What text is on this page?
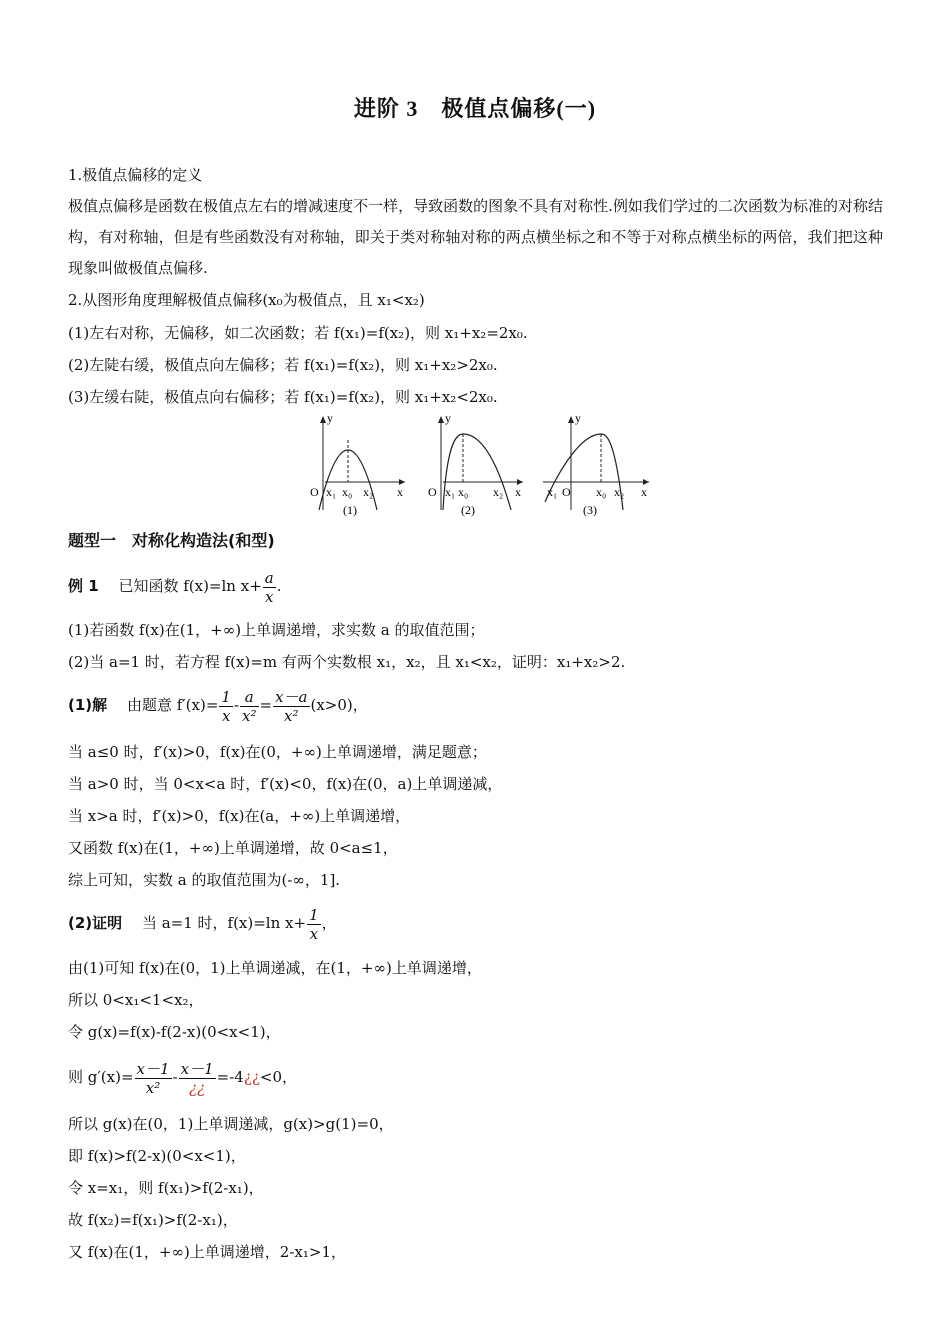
进阶 3　极值点偏移(一)
1.极值点偏移的定义
极值点偏移是函数在极值点左右的增减速度不一样，导致函数的图象不具有对称性.例如我们学过的二次函数为标准的对称结构，有对称轴，但是有些函数没有对称轴，即关于类对称轴对称的两点横坐标之和不等于对称点横坐标的两倍，我们把这种现象叫做极值点偏移.
2.从图形角度理解极值点偏移(x₀为极值点，且 x₁<x₂)
(1)左右对称，无偏移，如二次函数；若 f(x₁)=f(x₂)，则 x₁+x₂=2x₀.
(2)左陡右缓，极值点向左偏移；若 f(x₁)=f(x₂)，则 x₁+x₂>2x₀.
(3)左缓右陡，极值点向右偏移；若 f(x₁)=f(x₂)，则 x₁+x₂<2x₀.
y
x
O x₁ x₀ x₂
(1)
y
x
O x₁ x₀ x₂
(2)
y
x
O
x₁	x₀ x₂
(3)
题型一　对称化构造法(和型)
例 1　 已知函数 f(x)=ln $x+ \frac{a}{x}$ .
(1)若函数 f(x)在(1，+∞)上单调递增，求实数 a 的取值范围；
(2)当 a=1 时，若方程 f(x)=m 有两个实数根 x₁，x₂，且 x₁<x₂，证明：x₁+x₂>2.
(1)解　 由题意 $f'(x)= \frac{1}{x} - \frac{a}{\text{x²}} = \frac{x-a}{\text{x²}} (x>0)$，
当 a≤0 时，f′(x)>0，f(x)在(0，+∞)上单调递增，满足题意；
当 a>0 时，当 0<x<a 时，f′(x)<0，f(x)在(0，a)上单调递减，
当 x>a 时，f′(x)>0，f(x)在(a，+∞)上单调递增，
又函数 f(x)在(1，+∞)上单调递增，故 0<a≤1，
综上可知，实数 a 的取值范围为(-∞，1].
(2)证明　 当 a=1 时，f(x)=ln $x+ \frac{1}{x}$ ，
由(1)可知 f(x)在(0，1)上单调递减，在(1，+∞)上单调递增，
所以 0<x₁<1<x₂，
令 g(x)=f(x)-f(2-x)(0<x<1)，
则 $g'(x)= \frac{x-1}{\text{x²}} - \frac{x-1}{¿¿}$ =-4¿¿<0，
所以 g(x)在(0，1)上单调递减，g(x)>g(1)=0，
即 f(x)>f(2-x)(0<x<1)，
令 x=x₁，则 f(x₁)>f(2-x₁)，
故 f(x₂)=f(x₁)>f(2-x₁)，
又 f(x)在(1，+∞)上单调递增，2-x₁>1，
